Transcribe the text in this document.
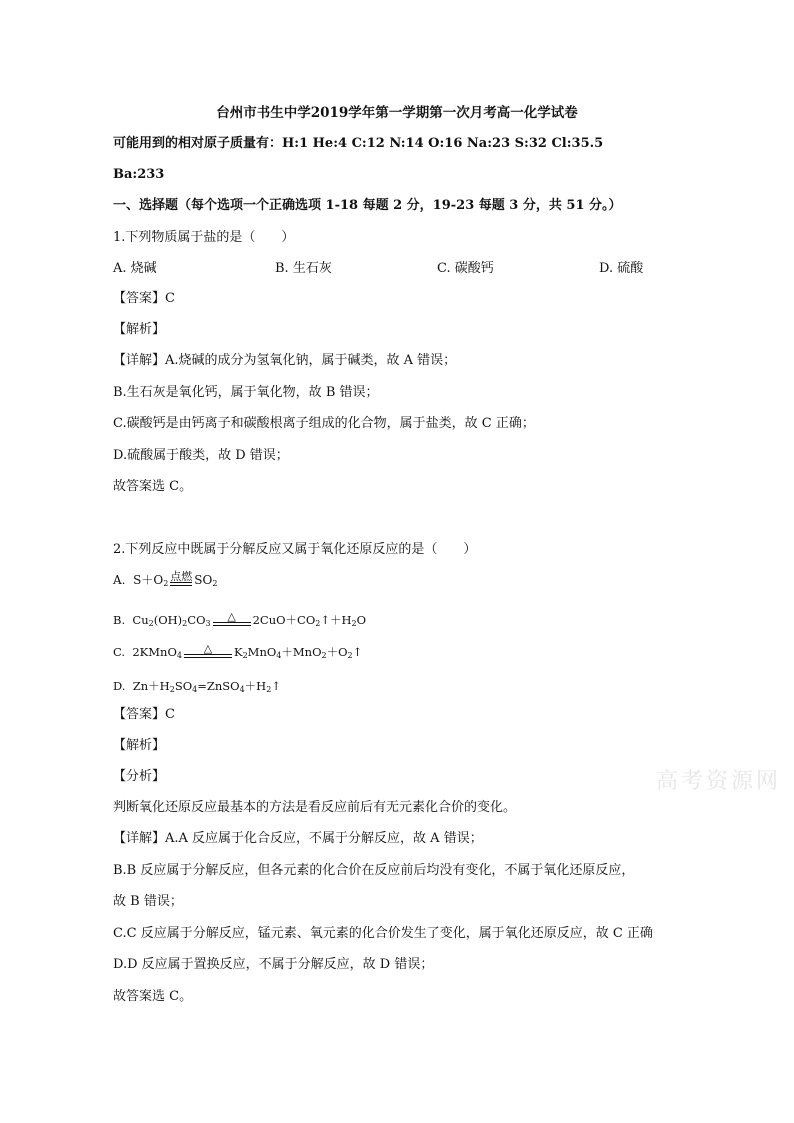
台州市书生中学2019学年第一学期第一次月考高一化学试卷
可能用到的相对原子质量有：H:1 He:4 C:12 N:14 O:16 Na:23 S:32 Cl:35.5
Ba:233
一、选择题（每个选项一个正确选项 1-18 每题 2 分，19-23 每题 3 分，共 51 分。）
1.下列物质属于盐的是（　　）
A. 烧碱	B. 生石灰	C. 碳酸钙	D. 硫酸
【答案】C
【解析】
【详解】A.烧碱的成分为氢氧化钠，属于碱类，故 A 错误；
B.生石灰是氧化钙，属于氧化物，故 B 错误；
C.碳酸钙是由钙离子和碳酸根离子组成的化合物，属于盐类，故 C 正确；
D.硫酸属于酸类，故 D 错误；
故答案选 C。
2.下列反应中既属于分解反应又属于氧化还原反应的是（　　）
A. $S+O_2$
点燃 $SO_2$
B. $Cu_2(OH)_2CO_3$
△	$2CuO+CO_2↑+H_2O$
C. 2KMnO$_4$
△	$K_2MnO_4+MnO_2+O_2↑$
D. $Zn+H_2SO_4=ZnSO_4+H_2↑$
【答案】C
【解析】
【分析】
判断氧化还原反应最基本的方法是看反应前后有无元素化合价的变化。
【详解】A.A 反应属于化合反应，不属于分解反应，故 A 错误；
B.B 反应属于分解反应，但各元素的化合价在反应前后均没有变化，不属于氧化还原反应，
故 B 错误；
C.C 反应属于分解反应，锰元素、氧元素的化合价发生了变化，属于氧化还原反应，故 C 正确
D.D 反应属于置换反应，不属于分解反应，故 D 错误；
故答案选 C。
高考资源网
